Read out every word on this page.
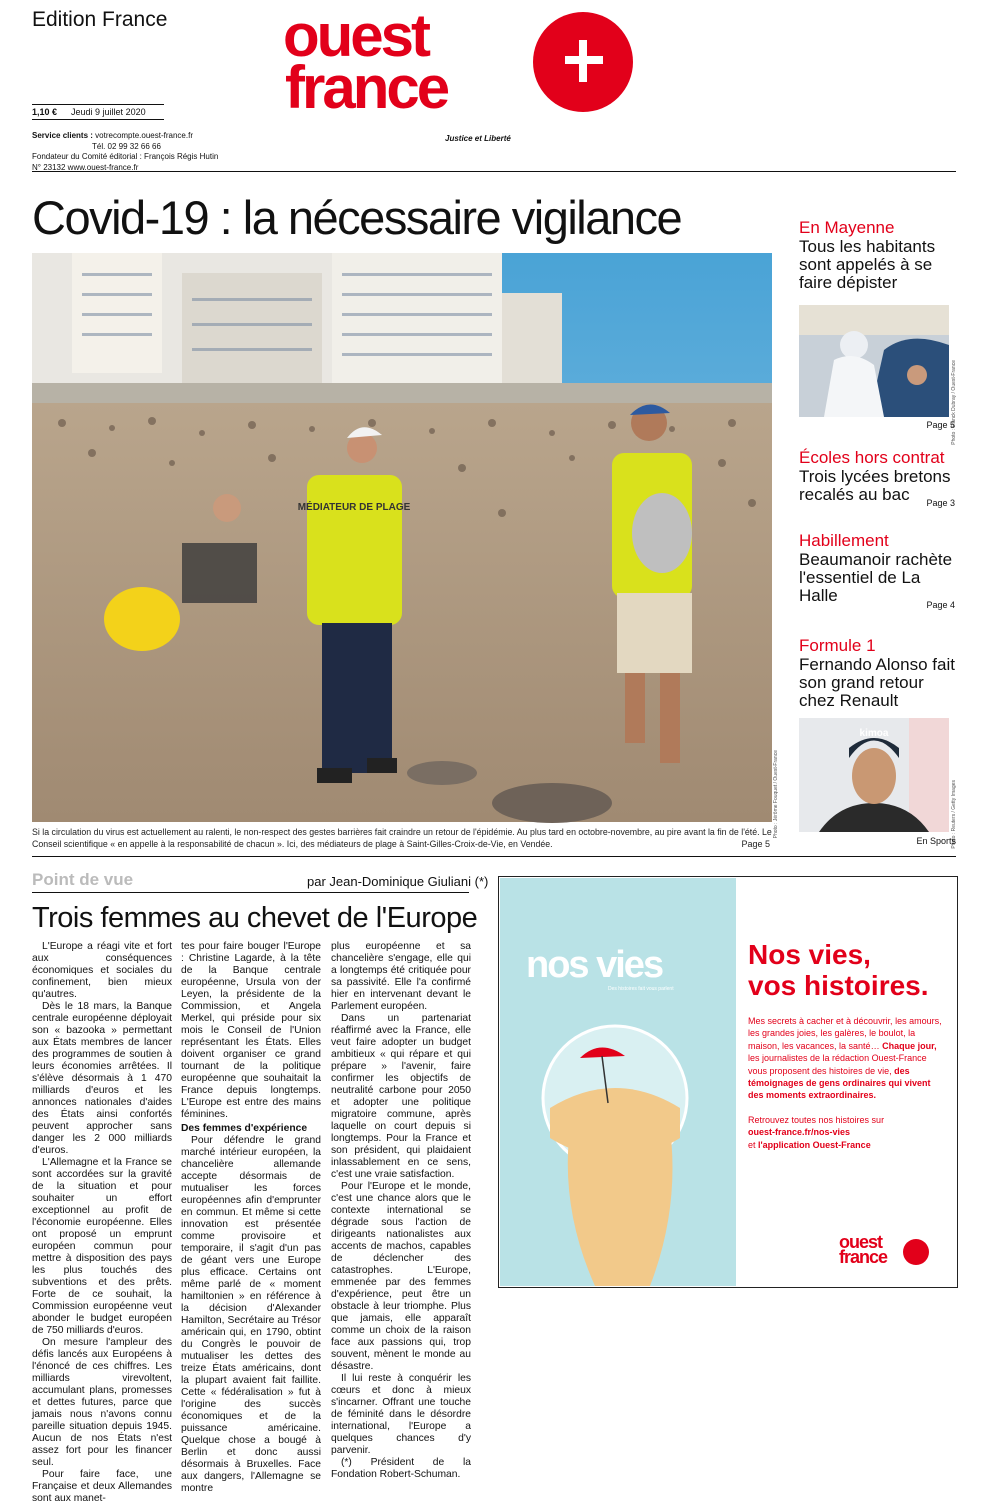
Edition France ouest
france
Justice et Liberté
1,10 € Jeudi 9 juillet 2020
Service clients : votrecompte.ouest-france.fr
Tél. 02 99 32 66 66
Fondateur du Comité éditorial : François Régis Hutin
N° 23132 www.ouest-france.fr
Covid-19 : la nécessaire vigilance
MÉDIATEUR DE PLAGE
Photo : Jérôme Fouquet / Ouest-France
Si la circulation du virus est actuellement au ralenti, le non-respect des gestes barrières fait craindre un retour de l'épidémie. Au plus tard en octobre-novembre, au pire avant la fin de l'été. Le Conseil scientifique « en appelle à la responsabilité de chacun ». Ici, des médiateurs de plage à Saint-Gilles-Croix-de-Vie, en Vendée.	Page 5
En Mayenne
Tous les habitants sont appelés à se faire dépister
Photo : Franck Dubray / Ouest-France
Page 5
Écoles hors contrat
Trois lycées bretons recalés au bac	Page 3
Habillement
Beaumanoir rachète l'essentiel de La Halle	Page 4
Formule 1
Fernando Alonso fait son grand retour chez Renault
kimoa
Photo : Reuters / Getty Images
En Sports
Point de vue	par Jean-Dominique Giuliani (*)
Trois femmes au chevet de l'Europe

L'Europe a réagi vite et fort aux conséquences économiques et sociales du confinement, bien mieux qu'autres.

Dès le 18 mars, la Banque centrale européenne déployait son « bazooka » permettant aux États membres de lancer des programmes de soutien à leurs économies arrêtées. Il s'élève désormais à 1 470 milliards d'euros et les annonces nationales d'aides des États ainsi confortés peuvent approcher sans danger les 2 000 milliards d'euros.

L'Allemagne et la France se sont accordées sur la gravité de la situation et pour souhaiter un effort exceptionnel au profit de l'économie européenne. Elles ont proposé un emprunt européen commun pour mettre à disposition des pays les plus touchés des subventions et des prêts. Forte de ce souhait, la Commission européenne veut abonder le budget européen de 750 milliards d'euros.

On mesure l'ampleur des défis lancés aux Européens à l'énoncé de ces chiffres. Les milliards virevoltent, accumulant plans, promesses et dettes futures, parce que jamais nous n'avons connu pareille situation depuis 1945. Aucun de nos États n'est assez fort pour les financer seul.

Pour faire face, une Française et deux Allemandes sont aux manet-

tes pour faire bouger l'Europe : Christine Lagarde, à la tête de la Banque centrale européenne, Ursula von der Leyen, la présidente de la Commission, et Angela Merkel, qui préside pour six mois le Conseil de l'Union représentant les États. Elles doivent organiser ce grand tournant de la politique européenne que souhaitait la France depuis longtemps. L'Europe est entre des mains féminines.

Des femmes d'expérience

Pour défendre le grand marché intérieur européen, la chancelière allemande accepte désormais de mutualiser les forces européennes afin d'emprunter en commun. Et même si cette innovation est présentée comme provisoire et temporaire, il s'agit d'un pas de géant vers une Europe plus efficace. Certains ont même parlé de « moment hamiltonien » en référence à la décision d'Alexander Hamilton, Secrétaire au Trésor américain qui, en 1790, obtint du Congrès le pouvoir de mutualiser les dettes des treize États américains, dont la plupart avaient fait faillite. Cette « fédéralisation » fut à l'origine des succès économiques et de la puissance américaine. Quelque chose a bougé à Berlin et donc aussi désormais à Bruxelles. Face aux dangers, l'Allemagne se montre

plus européenne et sa chancelière s'engage, elle qui a longtemps été critiquée pour sa passivité. Elle l'a confirmé hier en intervenant devant le Parlement européen.

Dans un partenariat réaffirmé avec la France, elle veut faire adopter un budget ambitieux « qui répare et qui prépare » l'avenir, faire confirmer les objectifs de neutralité carbone pour 2050 et adopter une politique migratoire commune, après laquelle on court depuis si longtemps. Pour la France et son président, qui plaidaient inlassablement en ce sens, c'est une vraie satisfaction.

Pour l'Europe et le monde, c'est une chance alors que le contexte international se dégrade sous l'action de dirigeants nationalistes aux accents de machos, capables de déclencher des catastrophes. L'Europe, emmenée par des femmes d'expérience, peut être un obstacle à leur triomphe. Plus que jamais, elle apparaît comme un choix de la raison face aux passions qui, trop souvent, mènent le monde au désastre.

Il lui reste à conquérir les cœurs et donc à mieux s'incarner. Offrant une touche de féminité dans le désordre international, l'Europe a quelques chances d'y parvenir.

(*) Président de la Fondation Robert-Schuman.

nos vies
Des histoires fait vous parlent
Nos vies,
vos histoires.
Mes secrets à cacher et à découvrir, les amours, les grandes joies, les galères, le boulot, la maison, les vacances, la santé… Chaque jour, les journalistes de la rédaction Ouest-France vous proposent des histoires de vie, des témoignages de gens ordinaires qui vivent des moments extraordinaires.
Retrouvez toutes nos histoires sur
ouest-france.fr/nos-vies
et l'application Ouest-France
ouest
france
